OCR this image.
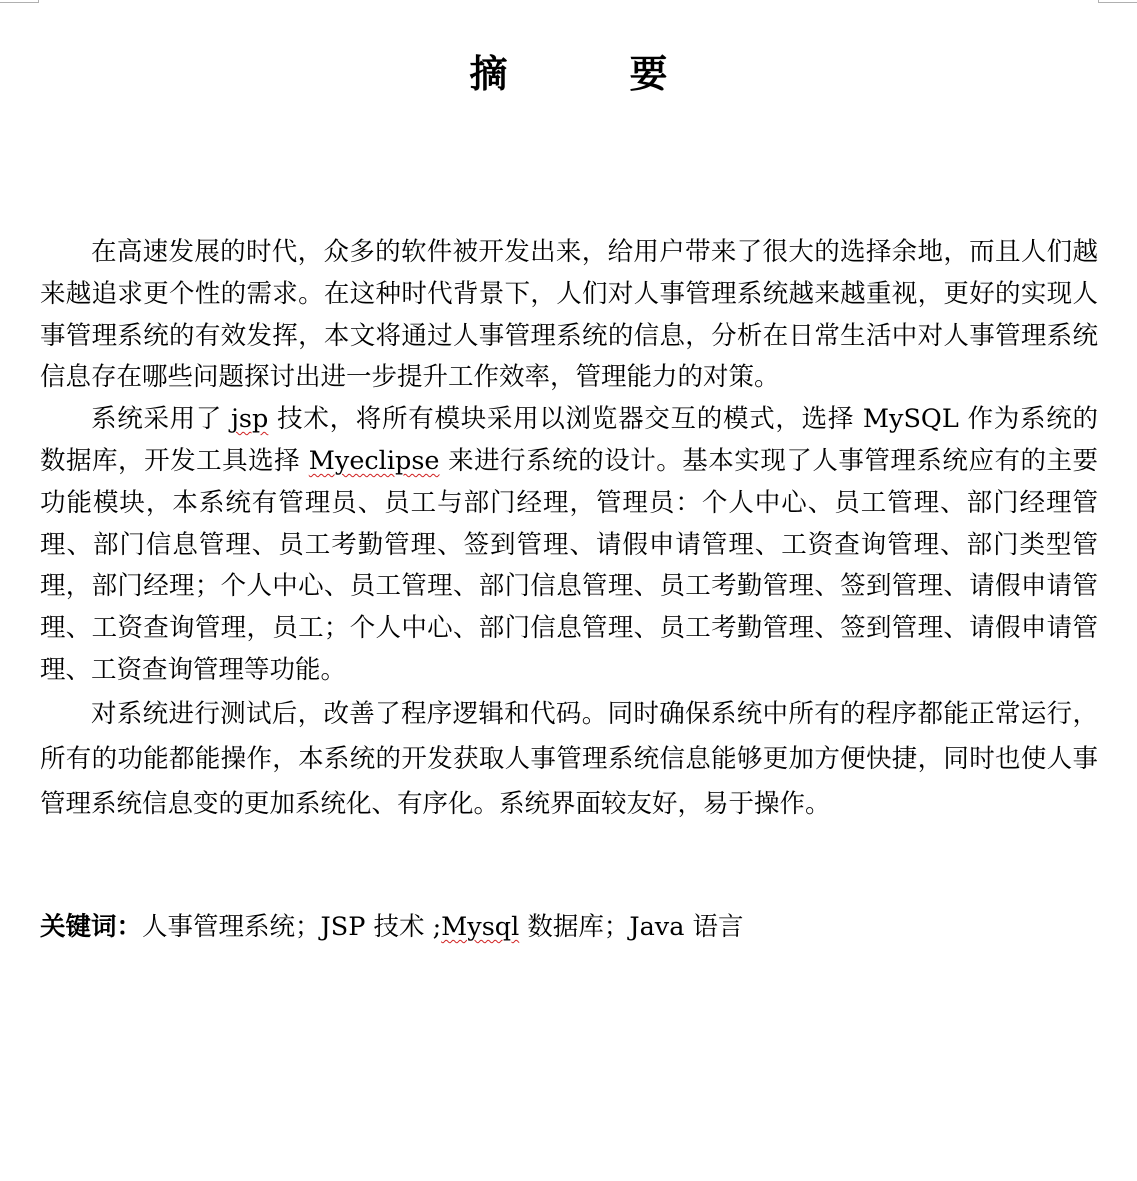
摘　要

在高速发展的时代，众多的软件被开发出来，给用户带来了很大的选择余地，而且人们越来越追求更个性的需求。在这种时代背景下，人们对人事管理系统越来越重视，更好的实现人事管理系统的有效发挥，本文将通过人事管理系统的信息，分析在日常生活中对人事管理系统信息存在哪些问题探讨出进一步提升工作效率，管理能力的对策。

系统采用了 jsp 技术，将所有模块采用以浏览器交互的模式，选择 MySQL 作为系统的数据库，开发工具选择 Myeclipse 来进行系统的设计。基本实现了人事管理系统应有的主要功能模块，本系统有管理员、员工与部门经理，管理员：个人中心、员工管理、部门经理管理、部门信息管理、员工考勤管理、签到管理、请假申请管理、工资查询管理、部门类型管理，部门经理；个人中心、员工管理、部门信息管理、员工考勤管理、签到管理、请假申请管理、工资查询管理，员工；个人中心、部门信息管理、员工考勤管理、签到管理、请假申请管理、工资查询管理等功能。

对系统进行测试后，改善了程序逻辑和代码。同时确保系统中所有的程序都能正常运行，所有的功能都能操作，本系统的开发获取人事管理系统信息能够更加方便快捷，同时也使人事管理系统信息变的更加系统化、有序化。系统界面较友好，易于操作。

关键词：人事管理系统；JSP 技术 ;Mysql 数据库；Java 语言
